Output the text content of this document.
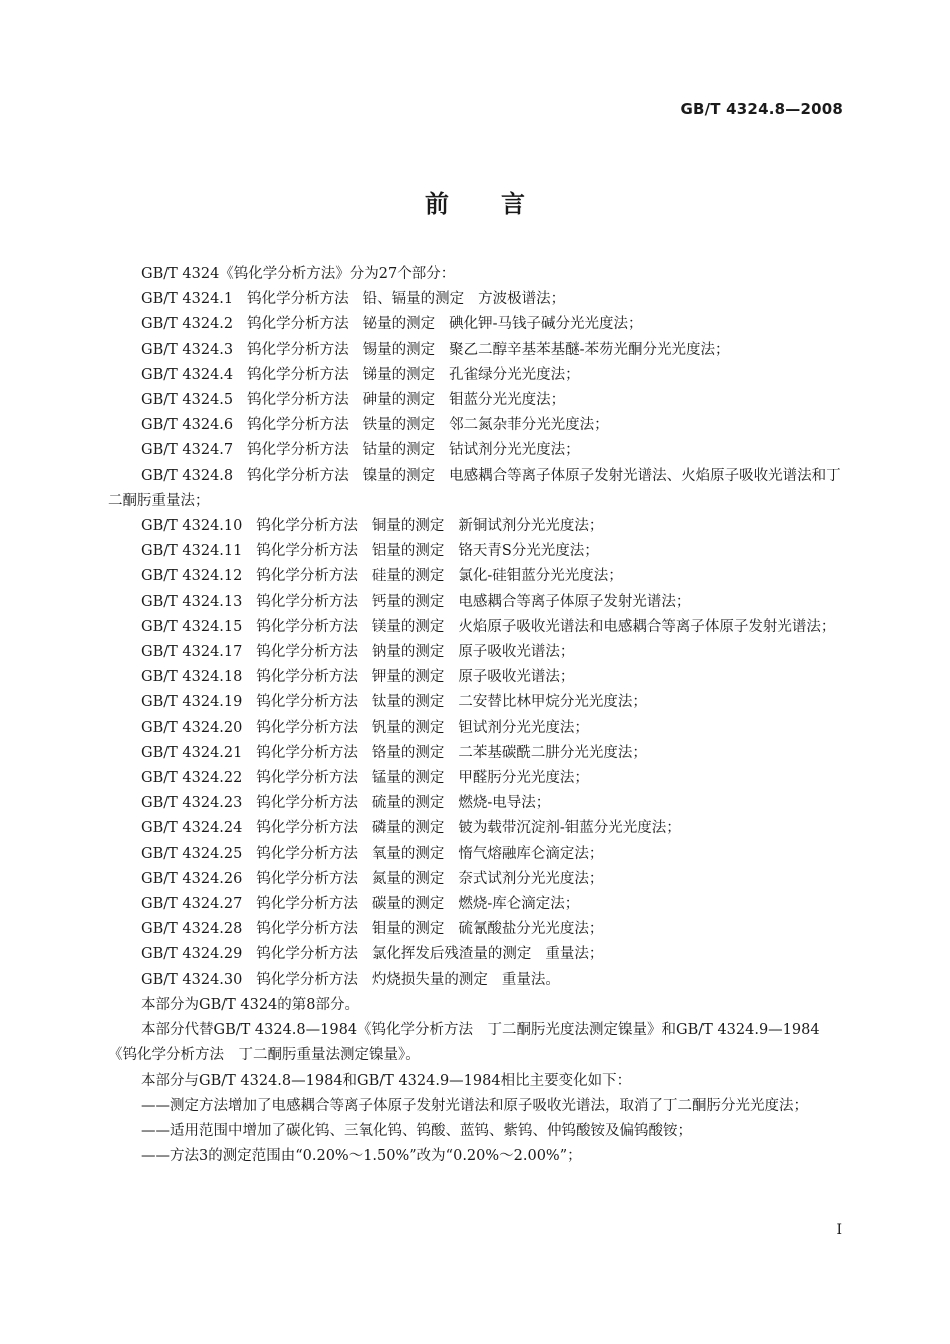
GB/T 4324.8—2008
前言
GB/T 4324《钨化学分析方法》分为27个部分：
GB/T 4324.1 钨化学分析方法 铅、镉量的测定 方波极谱法；
GB/T 4324.2 钨化学分析方法 铋量的测定 碘化钾-马钱子碱分光光度法；
GB/T 4324.3 钨化学分析方法 锡量的测定 聚乙二醇辛基苯基醚-苯芴光酮分光光度法；
GB/T 4324.4 钨化学分析方法 锑量的测定 孔雀绿分光光度法；
GB/T 4324.5 钨化学分析方法 砷量的测定 钼蓝分光光度法；
GB/T 4324.6 钨化学分析方法 铁量的测定 邻二氮杂菲分光光度法；
GB/T 4324.7 钨化学分析方法 钴量的测定 钴试剂分光光度法；
GB/T 4324.8 钨化学分析方法 镍量的测定 电感耦合等离子体原子发射光谱法、火焰原子吸收光谱法和丁二酮肟重量法；
GB/T 4324.10 钨化学分析方法 铜量的测定 新铜试剂分光光度法；
GB/T 4324.11 钨化学分析方法 铝量的测定 铬天青S分光光度法；
GB/T 4324.12 钨化学分析方法 硅量的测定 氯化-硅钼蓝分光光度法；
GB/T 4324.13 钨化学分析方法 钙量的测定 电感耦合等离子体原子发射光谱法；
GB/T 4324.15 钨化学分析方法 镁量的测定 火焰原子吸收光谱法和电感耦合等离子体原子发射光谱法；
GB/T 4324.17 钨化学分析方法 钠量的测定 原子吸收光谱法；
GB/T 4324.18 钨化学分析方法 钾量的测定 原子吸收光谱法；
GB/T 4324.19 钨化学分析方法 钛量的测定 二安替比林甲烷分光光度法；
GB/T 4324.20 钨化学分析方法 钒量的测定 钽试剂分光光度法；
GB/T 4324.21 钨化学分析方法 铬量的测定 二苯基碳酰二肼分光光度法；
GB/T 4324.22 钨化学分析方法 锰量的测定 甲醛肟分光光度法；
GB/T 4324.23 钨化学分析方法 硫量的测定 燃烧-电导法；
GB/T 4324.24 钨化学分析方法 磷量的测定 铍为载带沉淀剂-钼蓝分光光度法；
GB/T 4324.25 钨化学分析方法 氧量的测定 惰气熔融库仑滴定法；
GB/T 4324.26 钨化学分析方法 氮量的测定 奈式试剂分光光度法；
GB/T 4324.27 钨化学分析方法 碳量的测定 燃烧-库仑滴定法；
GB/T 4324.28 钨化学分析方法 钼量的测定 硫氰酸盐分光光度法；
GB/T 4324.29 钨化学分析方法 氯化挥发后残渣量的测定 重量法；
GB/T 4324.30 钨化学分析方法 灼烧损失量的测定 重量法。
本部分为GB/T 4324的第8部分。
本部分代替GB/T 4324.8—1984《钨化学分析方法　丁二酮肟光度法测定镍量》和GB/T 4324.9—1984《钨化学分析方法　丁二酮肟重量法测定镍量》。
本部分与GB/T 4324.8—1984和GB/T 4324.9—1984相比主要变化如下：
——测定方法增加了电感耦合等离子体原子发射光谱法和原子吸收光谱法，取消了丁二酮肟分光光度法；
——适用范围中增加了碳化钨、三氧化钨、钨酸、蓝钨、紫钨、仲钨酸铵及偏钨酸铵；
——方法3的测定范围由“0.20%～1.50%”改为“0.20%～2.00%”；
I
